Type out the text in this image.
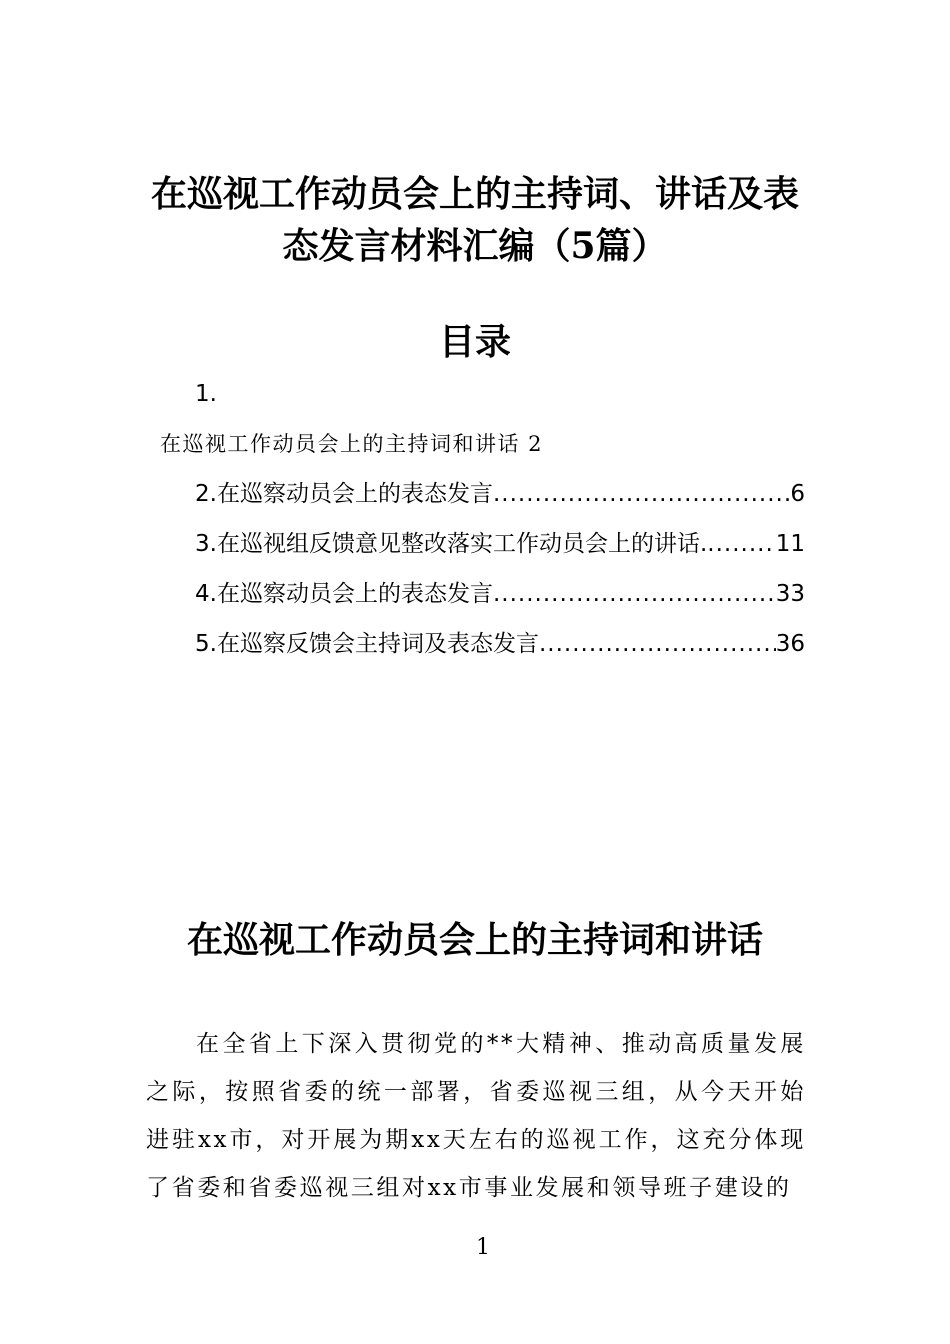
在巡视工作动员会上的主持词、讲话及表态发言材料汇编（5篇）
目录
1.
在巡视工作动员会上的主持词和讲话 2
2.在巡察动员会上的表态发言 .....	6
3.在巡视组反馈意见整改落实工作动员会上的讲话. .....	11
4.在巡察动员会上的表态发言 .....	33
5.在巡察反馈会主持词及表态发言 .....	36
在巡视工作动员会上的主持词和讲话

在全省上下深入贯彻党的**大精神、推动高质量发展之际，按照省委的统一部署，省委巡视三组，从今天开始进驻xx市，对开展为期xx天左右的巡视工作，这充分体现了省委和省委巡视三组对xx市事业发展和领导班子建设的

1
